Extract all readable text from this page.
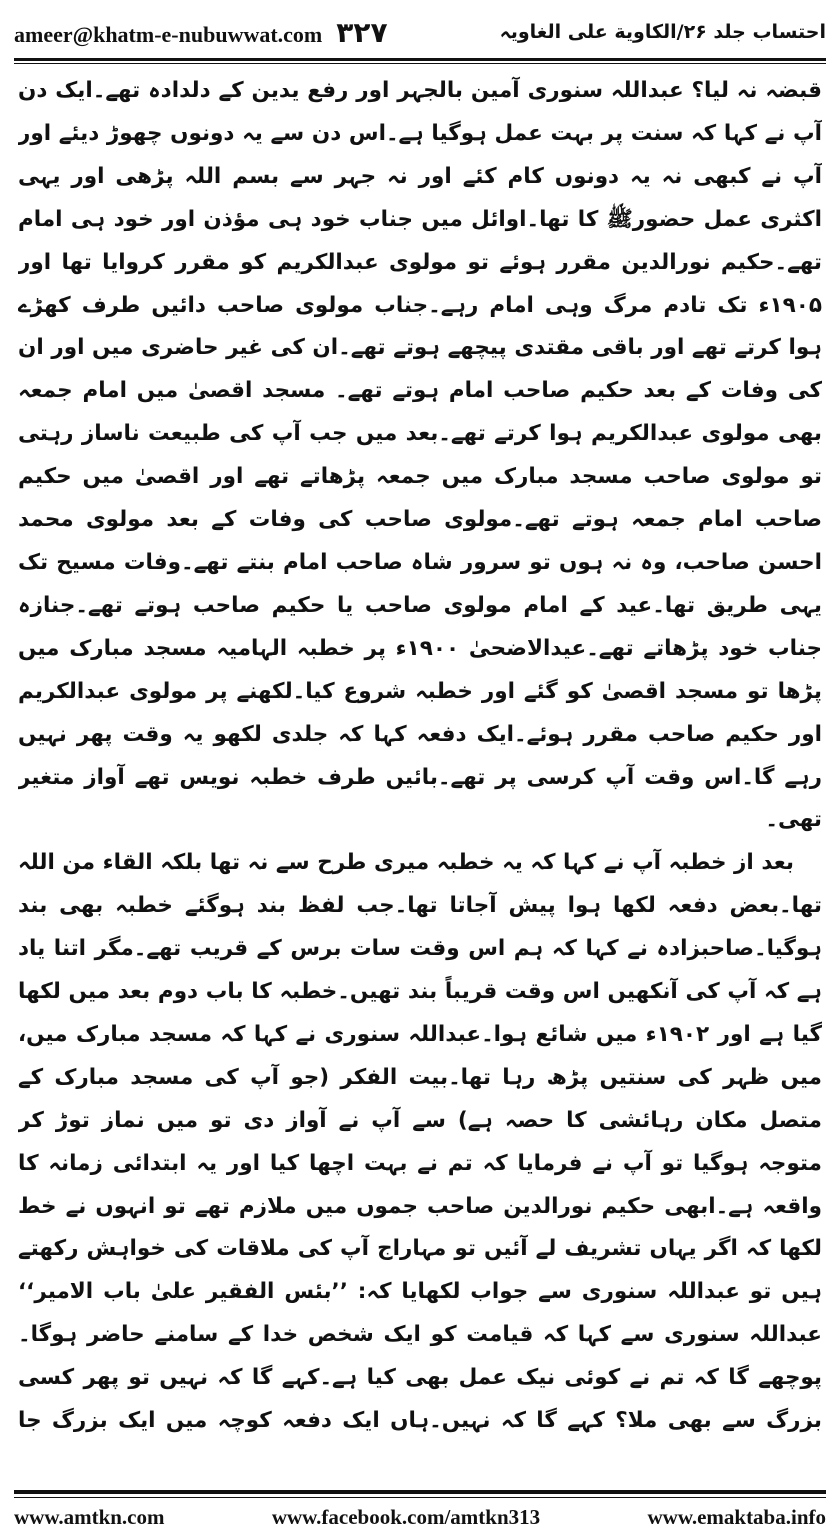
ameer@khatm-e-nubuwwat.com ۳۲۷	احتساب جلد ۲۶/الکاویة علی الغاویہ

قبضہ نہ لیا؟ عبداللہ سنوری آمین بالجہر اور رفع یدین کے دلدادہ تھے۔ایک دن آپ نے کہا کہ سنت پر بہت عمل ہوگیا ہے۔اس دن سے یہ دونوں چھوڑ دیئے اور آپ نے کبھی نہ یہ دونوں کام کئے اور نہ جہر سے بسم اللہ پڑھی اور یہی اکثری عمل حضورﷺ کا تھا۔اوائل میں جناب خود ہی مؤذن اور خود ہی امام تھے۔حکیم نورالدین مقرر ہوئے تو مولوی عبدالکریم کو مقرر کروایا تھا اور ۱۹۰۵ء تک تادم مرگ وہی امام رہے۔جناب مولوی صاحب دائیں طرف کھڑے ہوا کرتے تھے اور باقی مقتدی پیچھے ہوتے تھے۔ان کی غیر حاضری میں اور ان کی وفات کے بعد حکیم صاحب امام ہوتے تھے۔ مسجد اقصیٰ میں امام جمعہ بھی مولوی عبدالکریم ہوا کرتے تھے۔بعد میں جب آپ کی طبیعت ناساز رہتی تو مولوی صاحب مسجد مبارک میں جمعہ پڑھاتے تھے اور اقصیٰ میں حکیم صاحب امام جمعہ ہوتے تھے۔مولوی صاحب کی وفات کے بعد مولوی محمد احسن صاحب، وہ نہ ہوں تو سرور شاہ صاحب امام بنتے تھے۔وفات مسیح تک یہی طریق تھا۔عید کے امام مولوی صاحب یا حکیم صاحب ہوتے تھے۔جنازہ جناب خود پڑھاتے تھے۔عیدالاضحیٰ ۱۹۰۰ء پر خطبہ الہامیہ مسجد مبارک میں پڑھا تو مسجد اقصیٰ کو گئے اور خطبہ شروع کیا۔لکھنے پر مولوی عبدالکریم اور حکیم صاحب مقرر ہوئے۔ایک دفعہ کہا کہ جلدی لکھو یہ وقت پھر نہیں رہے گا۔اس وقت آپ کرسی پر تھے۔بائیں طرف خطبہ نویس تھے آواز متغیر تھی۔

بعد از خطبہ آپ نے کہا کہ یہ خطبہ میری طرح سے نہ تھا بلکہ القاء من اللہ تھا۔بعض دفعہ لکھا ہوا پیش آجاتا تھا۔جب لفظ بند ہوگئے خطبہ بھی بند ہوگیا۔صاحبزادہ نے کہا کہ ہم اس وقت سات برس کے قریب تھے۔مگر اتنا یاد ہے کہ آپ کی آنکھیں اس وقت قریباً بند تھیں۔خطبہ کا باب دوم بعد میں لکھا گیا ہے اور ۱۹۰۲ء میں شائع ہوا۔عبداللہ سنوری نے کہا کہ مسجد مبارک میں، میں ظہر کی سنتیں پڑھ رہا تھا۔بیت الفکر (جو آپ کی مسجد مبارک کے متصل مکان رہائشی کا حصہ ہے) سے آپ نے آواز دی تو میں نماز توڑ کر متوجہ ہوگیا تو آپ نے فرمایا کہ تم نے بہت اچھا کیا اور یہ ابتدائی زمانہ کا واقعہ ہے۔ابھی حکیم نورالدین صاحب جموں میں ملازم تھے تو انہوں نے خط لکھا کہ اگر یہاں تشریف لے آئیں تو مہاراج آپ کی ملاقات کی خواہش رکھتے ہیں تو عبداللہ سنوری سے جواب لکھایا کہ: ’’بئس الفقیر علیٰ باب الامیر‘‘ عبداللہ سنوری سے کہا کہ قیامت کو ایک شخص خدا کے سامنے حاضر ہوگا۔پوچھے گا کہ تم نے کوئی نیک عمل بھی کیا ہے۔کہے گا کہ نہیں تو پھر کسی بزرگ سے بھی ملا؟ کہے گا کہ نہیں۔ہاں ایک دفعہ کوچہ میں ایک بزرگ جا

www.amtkn.com	www.facebook.com/amtkn313	www.emaktaba.info
